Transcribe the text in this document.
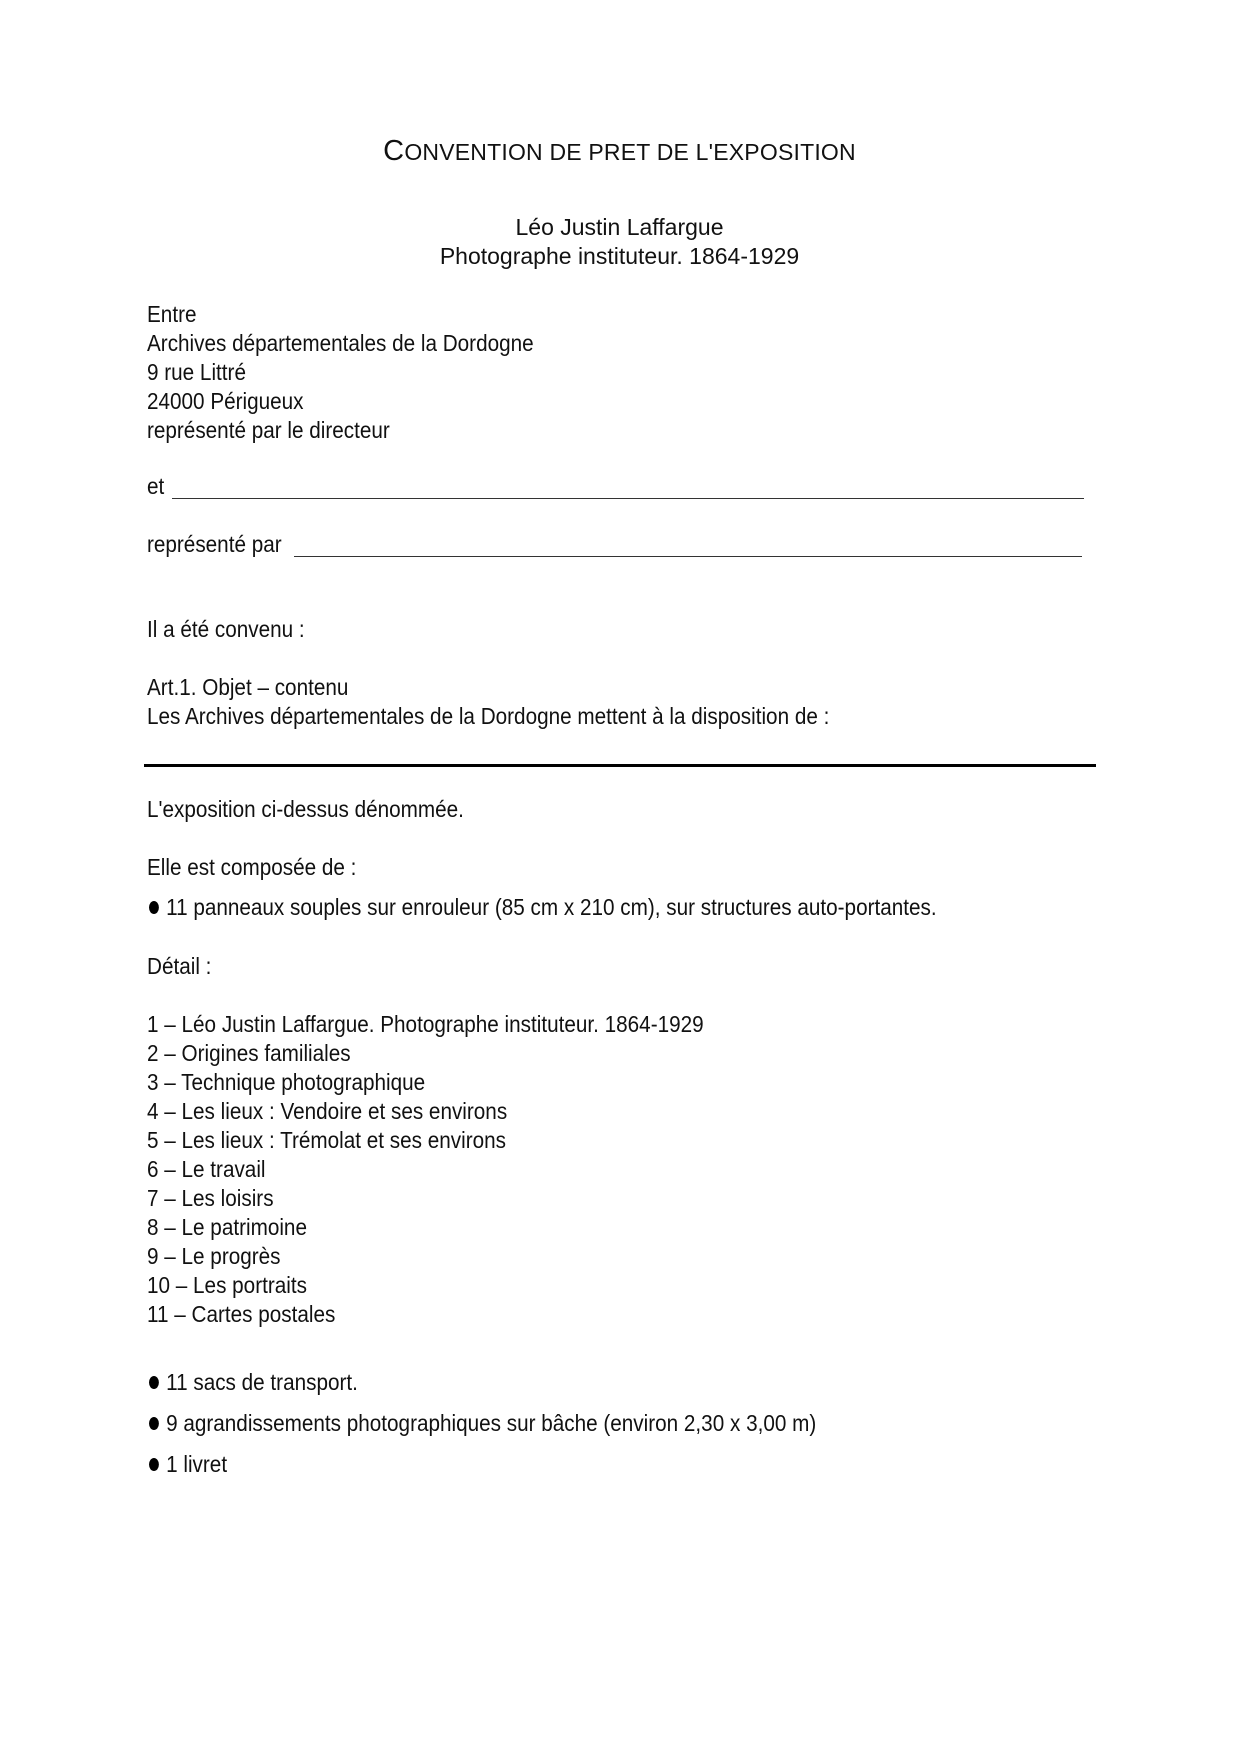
CONVENTION DE PRET DE L'EXPOSITION
Léo Justin Laffargue
Photographe instituteur. 1864-1929
Entre
Archives départementales de la Dordogne
9 rue Littré
24000 Périgueux
représenté par le directeur
et
représenté par
Il a été convenu :
Art.1. Objet – contenu
Les Archives départementales de la Dordogne mettent à la disposition de :
L'exposition ci-dessus dénommée.
Elle est composée de :
11 panneaux souples sur enrouleur (85 cm x 210 cm), sur structures auto-portantes.
Détail :
1 – Léo Justin Laffargue. Photographe instituteur. 1864-1929
2 – Origines familiales
3 – Technique photographique
4 – Les lieux : Vendoire et ses environs
5 – Les lieux : Trémolat et ses environs
6 – Le travail
7 – Les loisirs
8 – Le patrimoine
9 – Le progrès
10 – Les portraits
11 – Cartes postales
11 sacs de transport.
9 agrandissements photographiques sur bâche (environ 2,30 x 3,00 m)
1 livret
